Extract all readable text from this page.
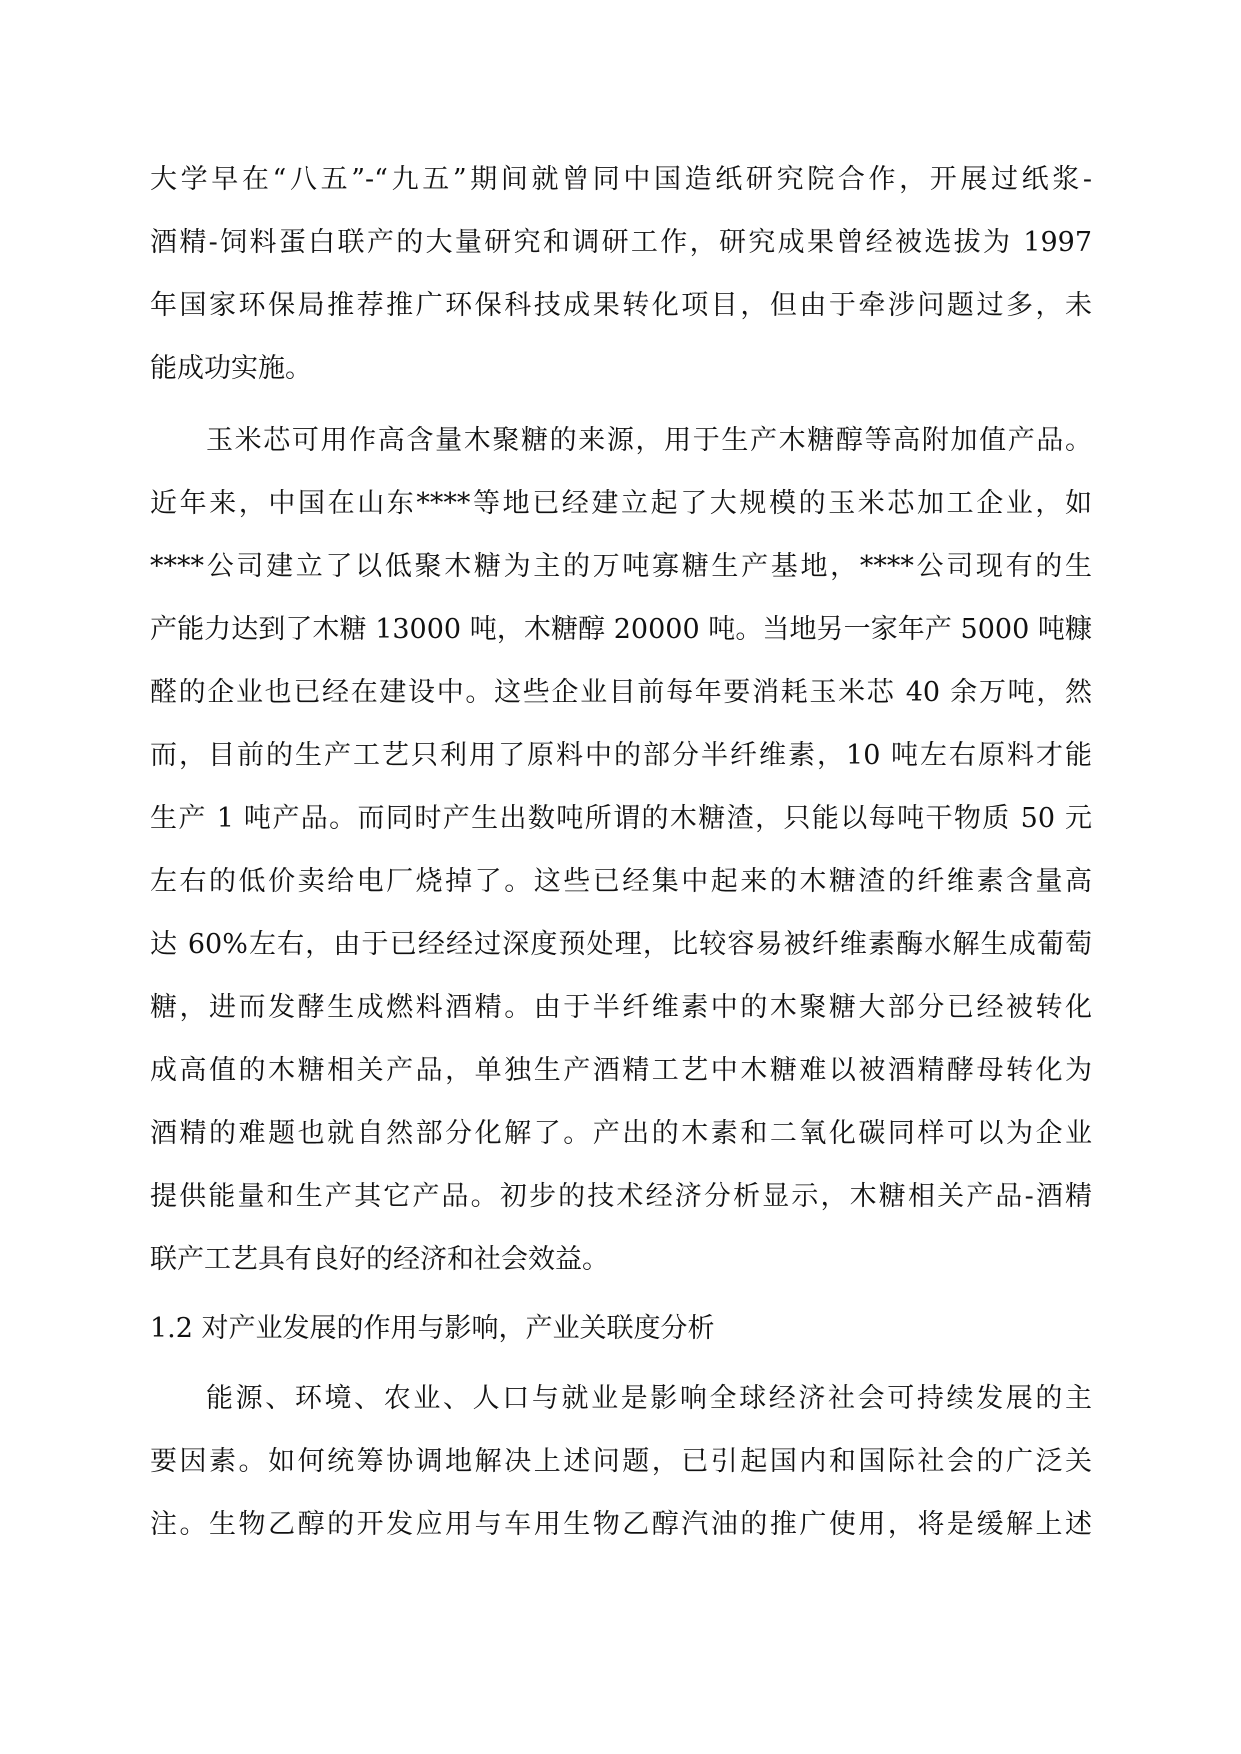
大学早在“八五”-“九五”期间就曾同中国造纸研究院合作，开展过纸浆-
酒精-饲料蛋白联产的大量研究和调研工作，研究成果曾经被选拔为 1997
年国家环保局推荐推广环保科技成果转化项目，但由于牵涉问题过多，未
能成功实施。
玉米芯可用作高含量木聚糖的来源，用于生产木糖醇等高附加值产品。
近年来，中国在山东****等地已经建立起了大规模的玉米芯加工企业，如
****公司建立了以低聚木糖为主的万吨寡糖生产基地，****公司现有的生
产能力达到了木糖 13000 吨，木糖醇 20000 吨。当地另一家年产 5000 吨糠
醛的企业也已经在建设中。这些企业目前每年要消耗玉米芯 40 余万吨，然
而，目前的生产工艺只利用了原料中的部分半纤维素，10 吨左右原料才能
生产 1 吨产品。而同时产生出数吨所谓的木糖渣，只能以每吨干物质 50 元
左右的低价卖给电厂烧掉了。这些已经集中起来的木糖渣的纤维素含量高
达 60%左右，由于已经经过深度预处理，比较容易被纤维素酶水解生成葡萄
糖，进而发酵生成燃料酒精。由于半纤维素中的木聚糖大部分已经被转化
成高值的木糖相关产品，单独生产酒精工艺中木糖难以被酒精酵母转化为
酒精的难题也就自然部分化解了。产出的木素和二氧化碳同样可以为企业
提供能量和生产其它产品。初步的技术经济分析显示，木糖相关产品-酒精
联产工艺具有良好的经济和社会效益。
1.2 对产业发展的作用与影响，产业关联度分析
能源、环境、农业、人口与就业是影响全球经济社会可持续发展的主
要因素。如何统筹协调地解决上述问题，已引起国内和国际社会的广泛关
注。生物乙醇的开发应用与车用生物乙醇汽油的推广使用，将是缓解上述
